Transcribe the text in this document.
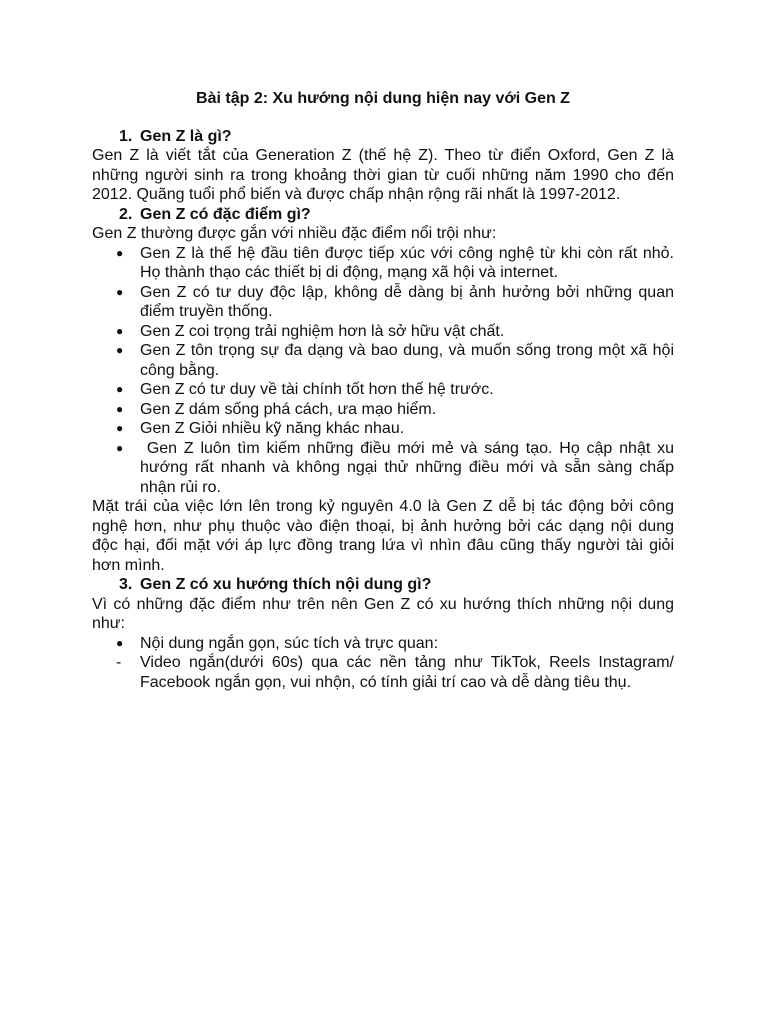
Bài tập 2: Xu hướng nội dung hiện nay với Gen Z
1. Gen Z là gì?

Gen Z là viết tắt của Generation Z (thế hệ Z). Theo từ điển Oxford, Gen Z là những người sinh ra trong khoảng thời gian từ cuối những năm 1990 cho đến 2012. Quãng tuổi phổ biến và được chấp nhận rộng rãi nhất là 1997-2012.

2. Gen Z có đặc điểm gì?

Gen Z thường được gắn với nhiều đặc điểm nổi trội như:

● Gen Z là thế hệ đầu tiên được tiếp xúc với công nghệ từ khi còn rất nhỏ. Họ thành thạo các thiết bị di động, mạng xã hội và internet.
● Gen Z có tư duy độc lập, không dễ dàng bị ảnh hưởng bởi những quan điểm truyền thống.
● Gen Z coi trọng trải nghiệm hơn là sở hữu vật chất.
● Gen Z tôn trọng sự đa dạng và bao dung, và muốn sống trong một xã hội công bằng.
● Gen Z có tư duy về tài chính tốt hơn thế hệ trước.
● Gen Z dám sống phá cách, ưa mạo hiểm.
● Gen Z Giỏi nhiều kỹ năng khác nhau.
● Gen Z luôn tìm kiếm những điều mới mẻ và sáng tạo. Họ cập nhật xu hướng rất nhanh và không ngại thử những điều mới và sẵn sàng chấp nhận rủi ro.

Mặt trái của việc lớn lên trong kỷ nguyên 4.0 là Gen Z dễ bị tác động bởi công nghệ hơn, như phụ thuộc vào điện thoại, bị ảnh hưởng bởi các dạng nội dung độc hại, đối mặt với áp lực đồng trang lứa vì nhìn đâu cũng thấy người tài giỏi hơn mình.

3. Gen Z có xu hướng thích nội dung gì?

Vì có những đặc điểm như trên nên Gen Z có xu hướng thích những nội dung như:

● Nội dung ngắn gọn, súc tích và trực quan:
- Video ngắn(dưới 60s) qua các nền tảng như TikTok, Reels Instagram/ Facebook ngắn gọn, vui nhộn, có tính giải trí cao và dễ dàng tiêu thụ.
